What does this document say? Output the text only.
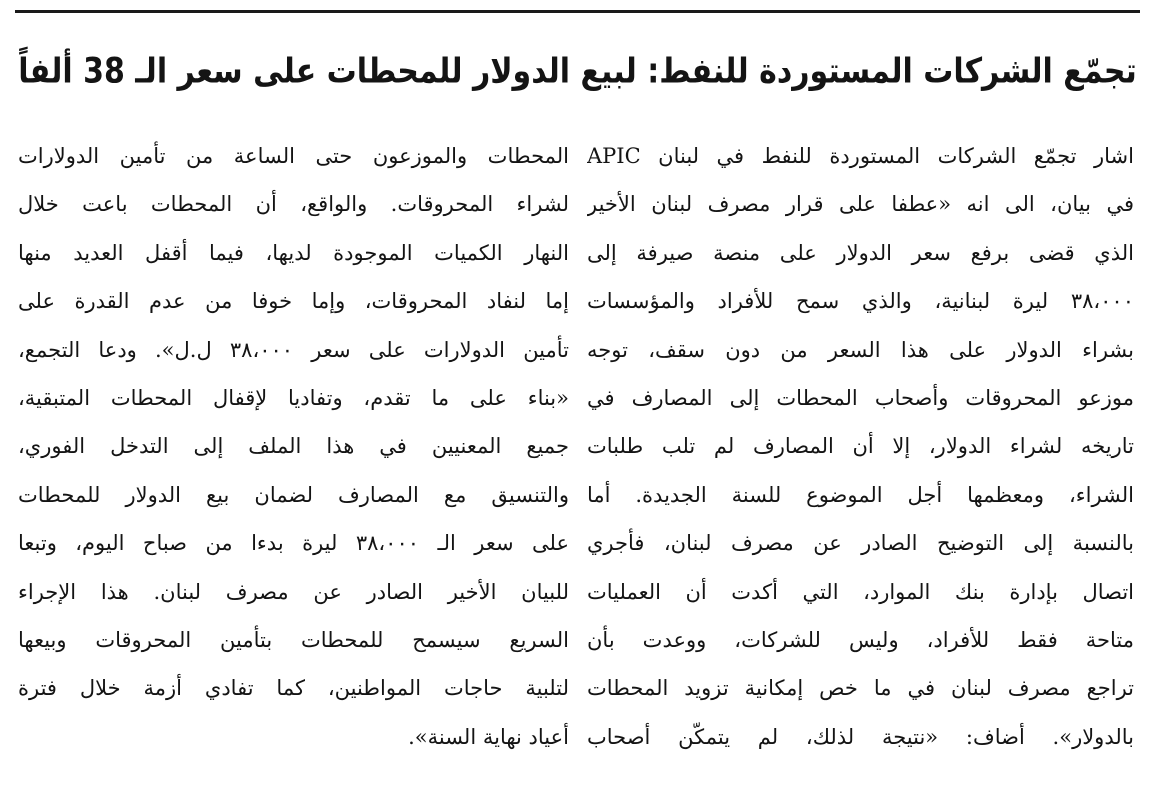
تجمّع الشركات المستوردة للنفط: لبيع الدولار للمحطات على سعر الـ 38 ألفاً
اشار تجمّع الشركات المستوردة للنفط في لبنان APIC
في بيان، الى انه «عطفا على قرار مصرف لبنان الأخير
الذي قضى برفع سعر الدولار على منصة صيرفة إلى
٣٨،٠٠٠ ليرة لبنانية، والذي سمح للأفراد والمؤسسات
بشراء الدولار على هذا السعر من دون سقف، توجه
موزعو المحروقات وأصحاب المحطات إلى المصارف في
تاريخه لشراء الدولار، إلا أن المصارف لم تلب طلبات
الشراء، ومعظمها أجل الموضوع للسنة الجديدة. أما
بالنسبة إلى التوضيح الصادر عن مصرف لبنان، فأجري
اتصال بإدارة بنك الموارد، التي أكدت أن العمليات
متاحة فقط للأفراد، وليس للشركات، ووعدت بأن
تراجع مصرف لبنان في ما خص إمكانية تزويد المحطات
بالدولار». أضاف: «نتيجة لذلك، لم يتمكّن أصحاب
المحطات والموزعون حتى الساعة من تأمين الدولارات
لشراء المحروقات. والواقع، أن المحطات باعت خلال
النهار الكميات الموجودة لديها، فيما أقفل العديد منها
إما لنفاد المحروقات، وإما خوفا من عدم القدرة على
تأمين الدولارات على سعر ٣٨،٠٠٠ ل.ل». ودعا التجمع،
«بناء على ما تقدم، وتفاديا لإقفال المحطات المتبقية،
جميع المعنيين في هذا الملف إلى التدخل الفوري،
والتنسيق مع المصارف لضمان بيع الدولار للمحطات
على سعر الـ ٣٨،٠٠٠ ليرة بدءا من صباح اليوم، وتبعا
للبيان الأخير الصادر عن مصرف لبنان. هذا الإجراء
السريع سيسمح للمحطات بتأمين المحروقات وبيعها
لتلبية حاجات المواطنين، كما تفادي أزمة خلال فترة
أعياد نهاية السنة».
